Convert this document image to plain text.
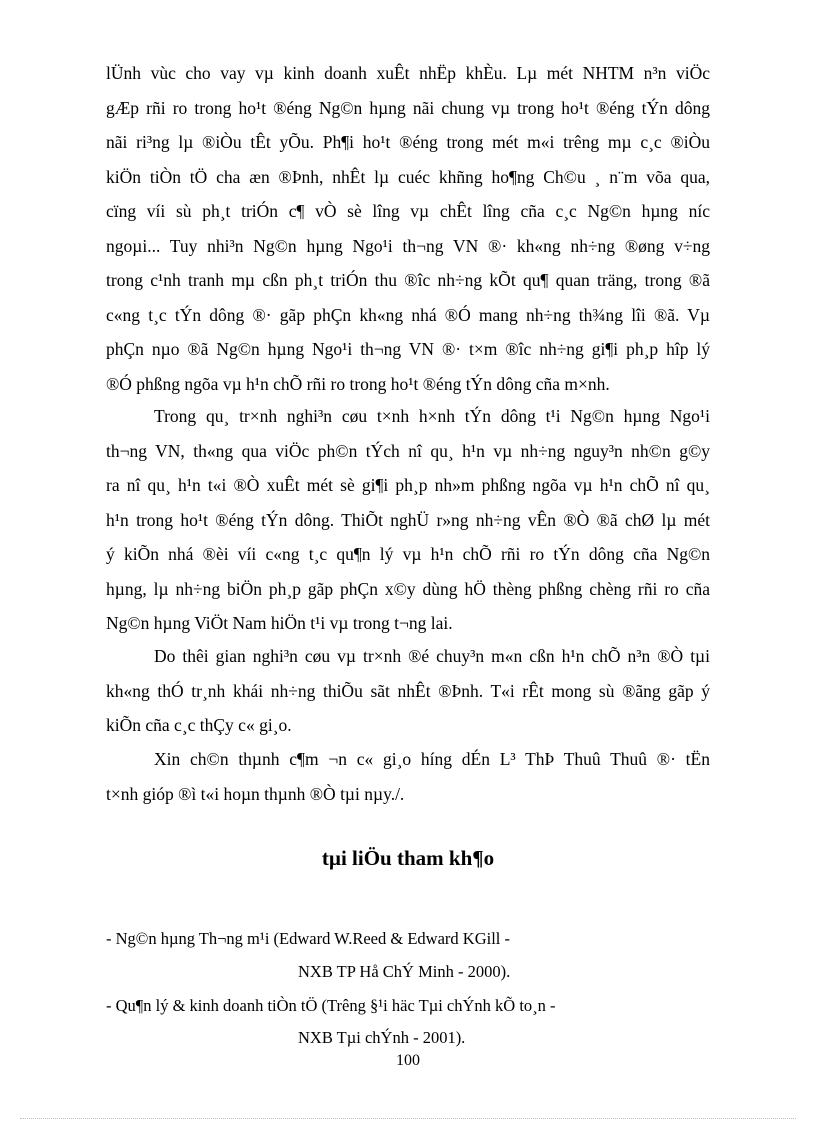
lÜnh vùc cho vay vµ kinh doanh xuÊt nhËp khÈu. Lµ mét NHTM n³n viÖc
gÆp rñi ro trong ho¹t ®éng Ng©n hµng nãi chung vµ trong ho¹t ®éng tÝn dông
nãi ri³ng lµ ®iÒu tÊt yÕu. Ph¶i ho¹t ®éng trong mét m«i trêng mµ c¸c ®iÒu
kiÖn tiÒn tÖ cha æn ®Þnh, nhÊt lµ cuéc khñng ho¶ng Ch©u ¸ n¨m võa qua,
cïng víi sù ph¸t triÓn c¶ vÒ sè lîng vµ chÊt lîng cña c¸c Ng©n hµng níc
ngoµi... Tuy nhi³n Ng©n hµng Ngo¹i th¬ng VN ®· kh«ng nh÷ng ®øng v÷ng
trong c¹nh tranh mµ cßn ph¸t triÓn thu ®îc nh÷ng kÕt qu¶ quan träng, trong ®ã
c«ng t¸c tÝn dông ®· gãp phÇn kh«ng nhá ®Ó mang nh÷ng th¾ng lîi ®ã. Vµ
phÇn nµo ®ã Ng©n hµng Ngo¹i th¬ng VN ®· t×m ®îc nh÷ng gi¶i ph¸p hîp lý
®Ó phßng ngõa vµ h¹n chÕ rñi ro trong ho¹t ®éng tÝn dông cña m×nh.
Trong qu¸ tr×nh nghi³n cøu t×nh h×nh tÝn dông t¹i Ng©n hµng Ngo¹i
th¬ng VN, th«ng qua viÖc ph©n tÝch nî qu¸ h¹n vµ nh÷ng nguy³n nh©n g©y
ra nî qu¸ h¹n t«i ®Ò xuÊt mét sè gi¶i ph¸p nh»m phßng ngõa vµ h¹n chÕ nî qu¸
h¹n trong ho¹t ®éng tÝn dông. ThiÕt nghÜ r»ng nh÷ng vÊn ®Ò ®ã chØ lµ mét
ý kiÕn nhá ®èi víi c«ng t¸c qu¶n lý vµ h¹n chÕ rñi ro tÝn dông cña Ng©n
hµng, lµ nh÷ng biÖn ph¸p gãp phÇn x©y dùng hÖ thèng phßng chèng rñi ro cña
Ng©n hµng ViÖt Nam hiÖn t¹i vµ trong t¬ng lai.
Do thêi gian nghi³n cøu vµ tr×nh ®é chuy³n m«n cßn h¹n chÕ n³n ®Ò tµi
kh«ng thÓ tr¸nh khái nh÷ng thiÕu sãt nhÊt ®Þnh. T«i rÊt mong sù ®ãng gãp ý
kiÕn cña c¸c thÇy c« gi¸o.
Xin ch©n thµnh c¶m ¬n c« gi¸o híng dÉn L³ ThÞ Thuû Thuû ®· tËn
t×nh gióp ®ì t«i hoµn thµnh ®Ò tµi nµy./.
tµi liÖu tham kh¶o
- Ng©n hµng Th¬ng m¹i (Edward W.Reed & Edward KGill -
NXB TP Hå ChÝ Minh - 2000).
- Qu¶n lý & kinh doanh tiÒn tÖ (Trêng §¹i häc Tµi chÝnh kÕ to¸n -
NXB Tµi chÝnh - 2001).
100
